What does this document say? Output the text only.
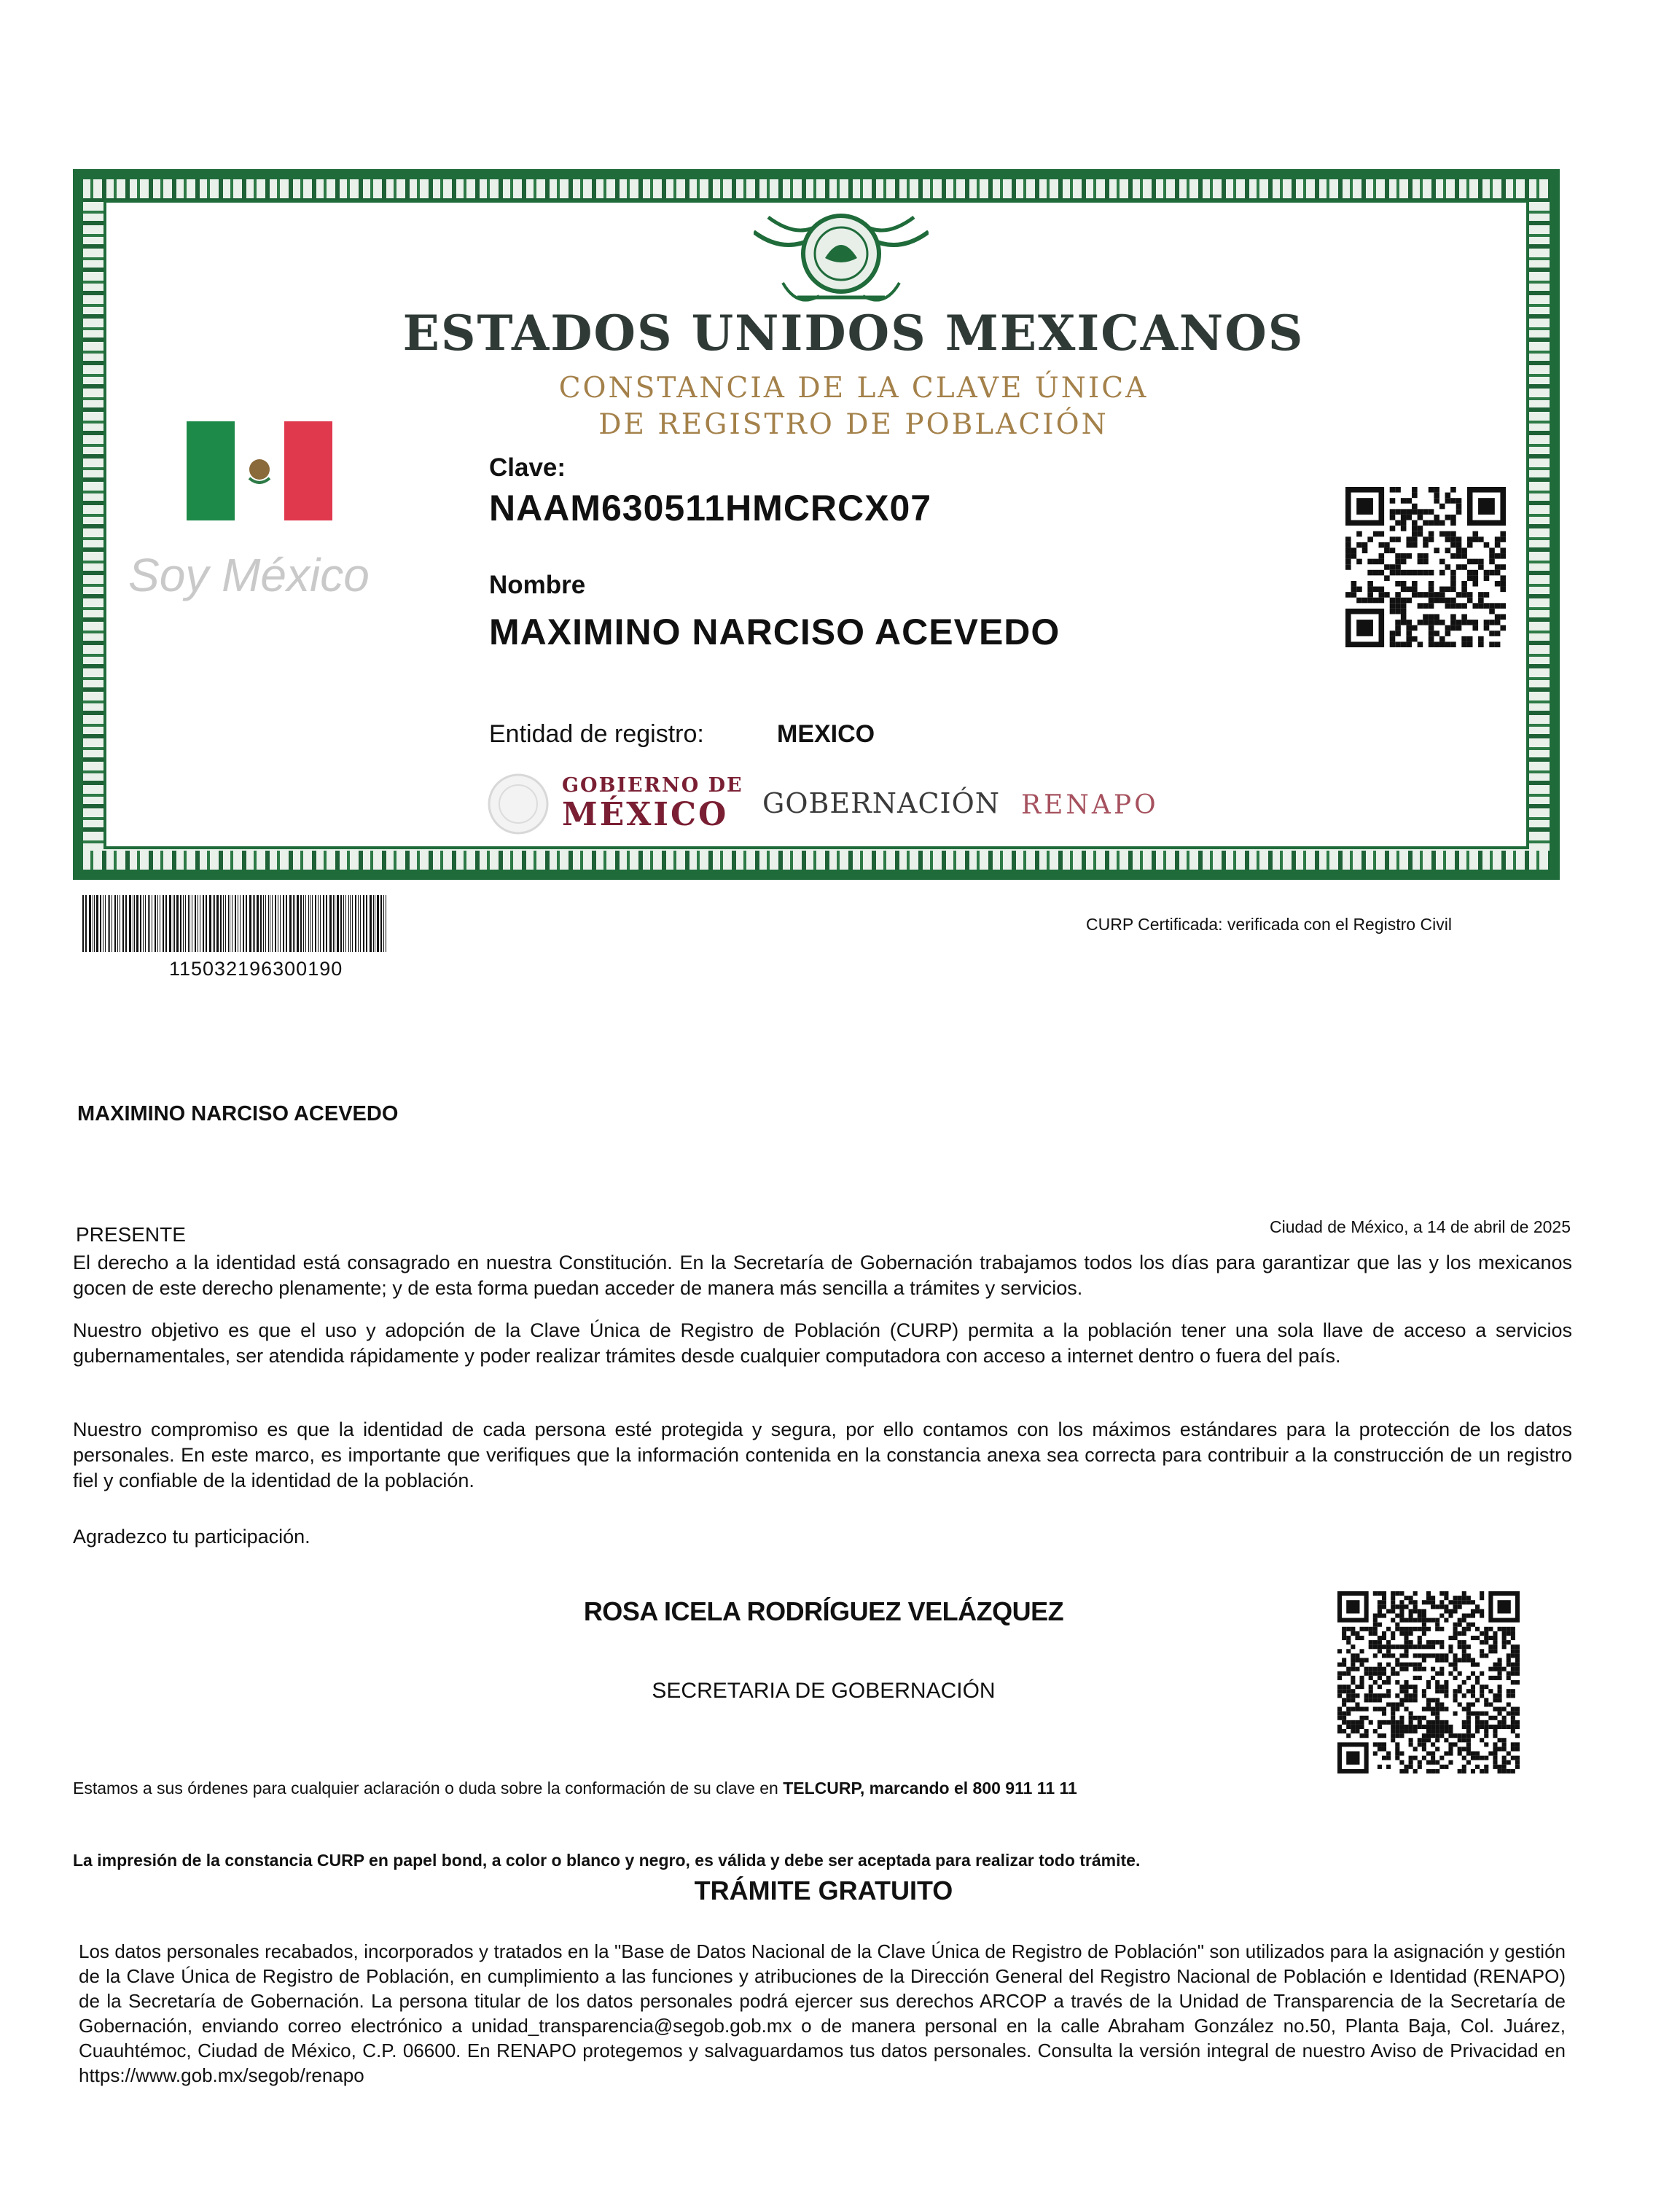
ESTADOS UNIDOS MEXICANOS
CONSTANCIA DE LA CLAVE ÚNICA
DE REGISTRO DE POBLACIÓN
Soy México
Clave:
NAAM630511HMCRCX07
Nombre
MAXIMINO NARCISO ACEVEDO
Entidad de registro:	MEXICO
GOBIERNO DE
MÉXICO GOBERNACIÓN RENAPO
115032196300190
CURP Certificada: verificada con el Registro Civil
MAXIMINO NARCISO ACEVEDO
PRESENTE	Ciudad de México, a 14 de abril de 2025
El derecho a la identidad está consagrado en nuestra Constitución. En la Secretaría de Gobernación trabajamos todos los días para garantizar que las y los mexicanos gocen de este derecho plenamente; y de esta forma puedan acceder de manera más sencilla a trámites y servicios.
Nuestro objetivo es que el uso y adopción de la Clave Única de Registro de Población (CURP) permita a la población tener una sola llave de acceso a servicios gubernamentales, ser atendida rápidamente y poder realizar trámites desde cualquier computadora con acceso a internet dentro o fuera del país.
Nuestro compromiso es que la identidad de cada persona esté protegida y segura, por ello contamos con los máximos estándares para la protección de los datos personales. En este marco, es importante que verifiques que la información contenida en la constancia anexa sea correcta para contribuir a la construcción de un registro fiel y confiable de la identidad de la población.
Agradezco tu participación.
ROSA ICELA RODRÍGUEZ VELÁZQUEZ
SECRETARIA DE GOBERNACIÓN
Estamos a sus órdenes para cualquier aclaración o duda sobre la conformación de su clave en TELCURP, marcando el 800 911 11 11
La impresión de la constancia CURP en papel bond, a color o blanco y negro, es válida y debe ser aceptada para realizar todo trámite.
TRÁMITE GRATUITO
Los datos personales recabados, incorporados y tratados en la "Base de Datos Nacional de la Clave Única de Registro de Población" son utilizados para la asignación y gestión de la Clave Única de Registro de Población, en cumplimiento a las funciones y atribuciones de la Dirección General del Registro Nacional de Población e Identidad (RENAPO) de la Secretaría de Gobernación. La persona titular de los datos personales podrá ejercer sus derechos ARCOP a través de la Unidad de Transparencia de la Secretaría de Gobernación, enviando correo electrónico a unidad_transparencia@segob.gob.mx o de manera personal en la calle Abraham González no.50, Planta Baja, Col. Juárez, Cuauhtémoc, Ciudad de México, C.P. 06600. En RENAPO protegemos y salvaguardamos tus datos personales. Consulta la versión integral de nuestro Aviso de Privacidad en https://www.gob.mx/segob/renapo
